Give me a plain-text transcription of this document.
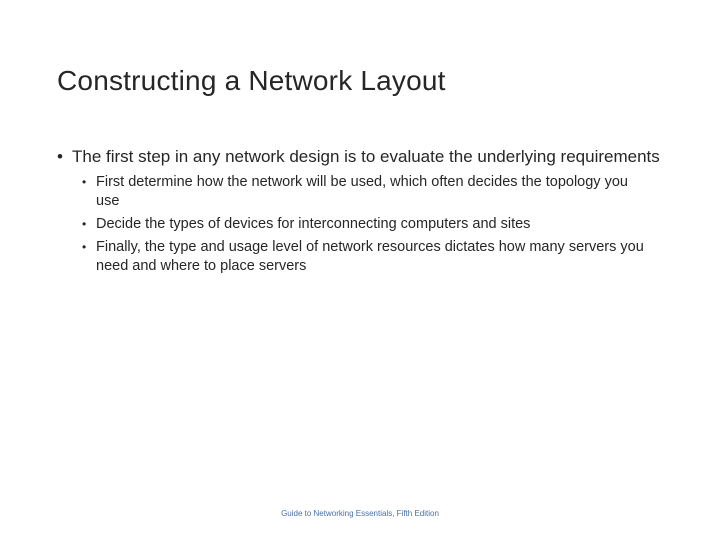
Constructing a Network Layout
• The first step in any network design is to evaluate the underlying requirements
• First determine how the network will be used, which often decides the topology you use
• Decide the types of devices for interconnecting computers and sites
• Finally, the type and usage level of network resources dictates how many servers you need and where to place servers
Guide to Networking Essentials, Fifth Edition
